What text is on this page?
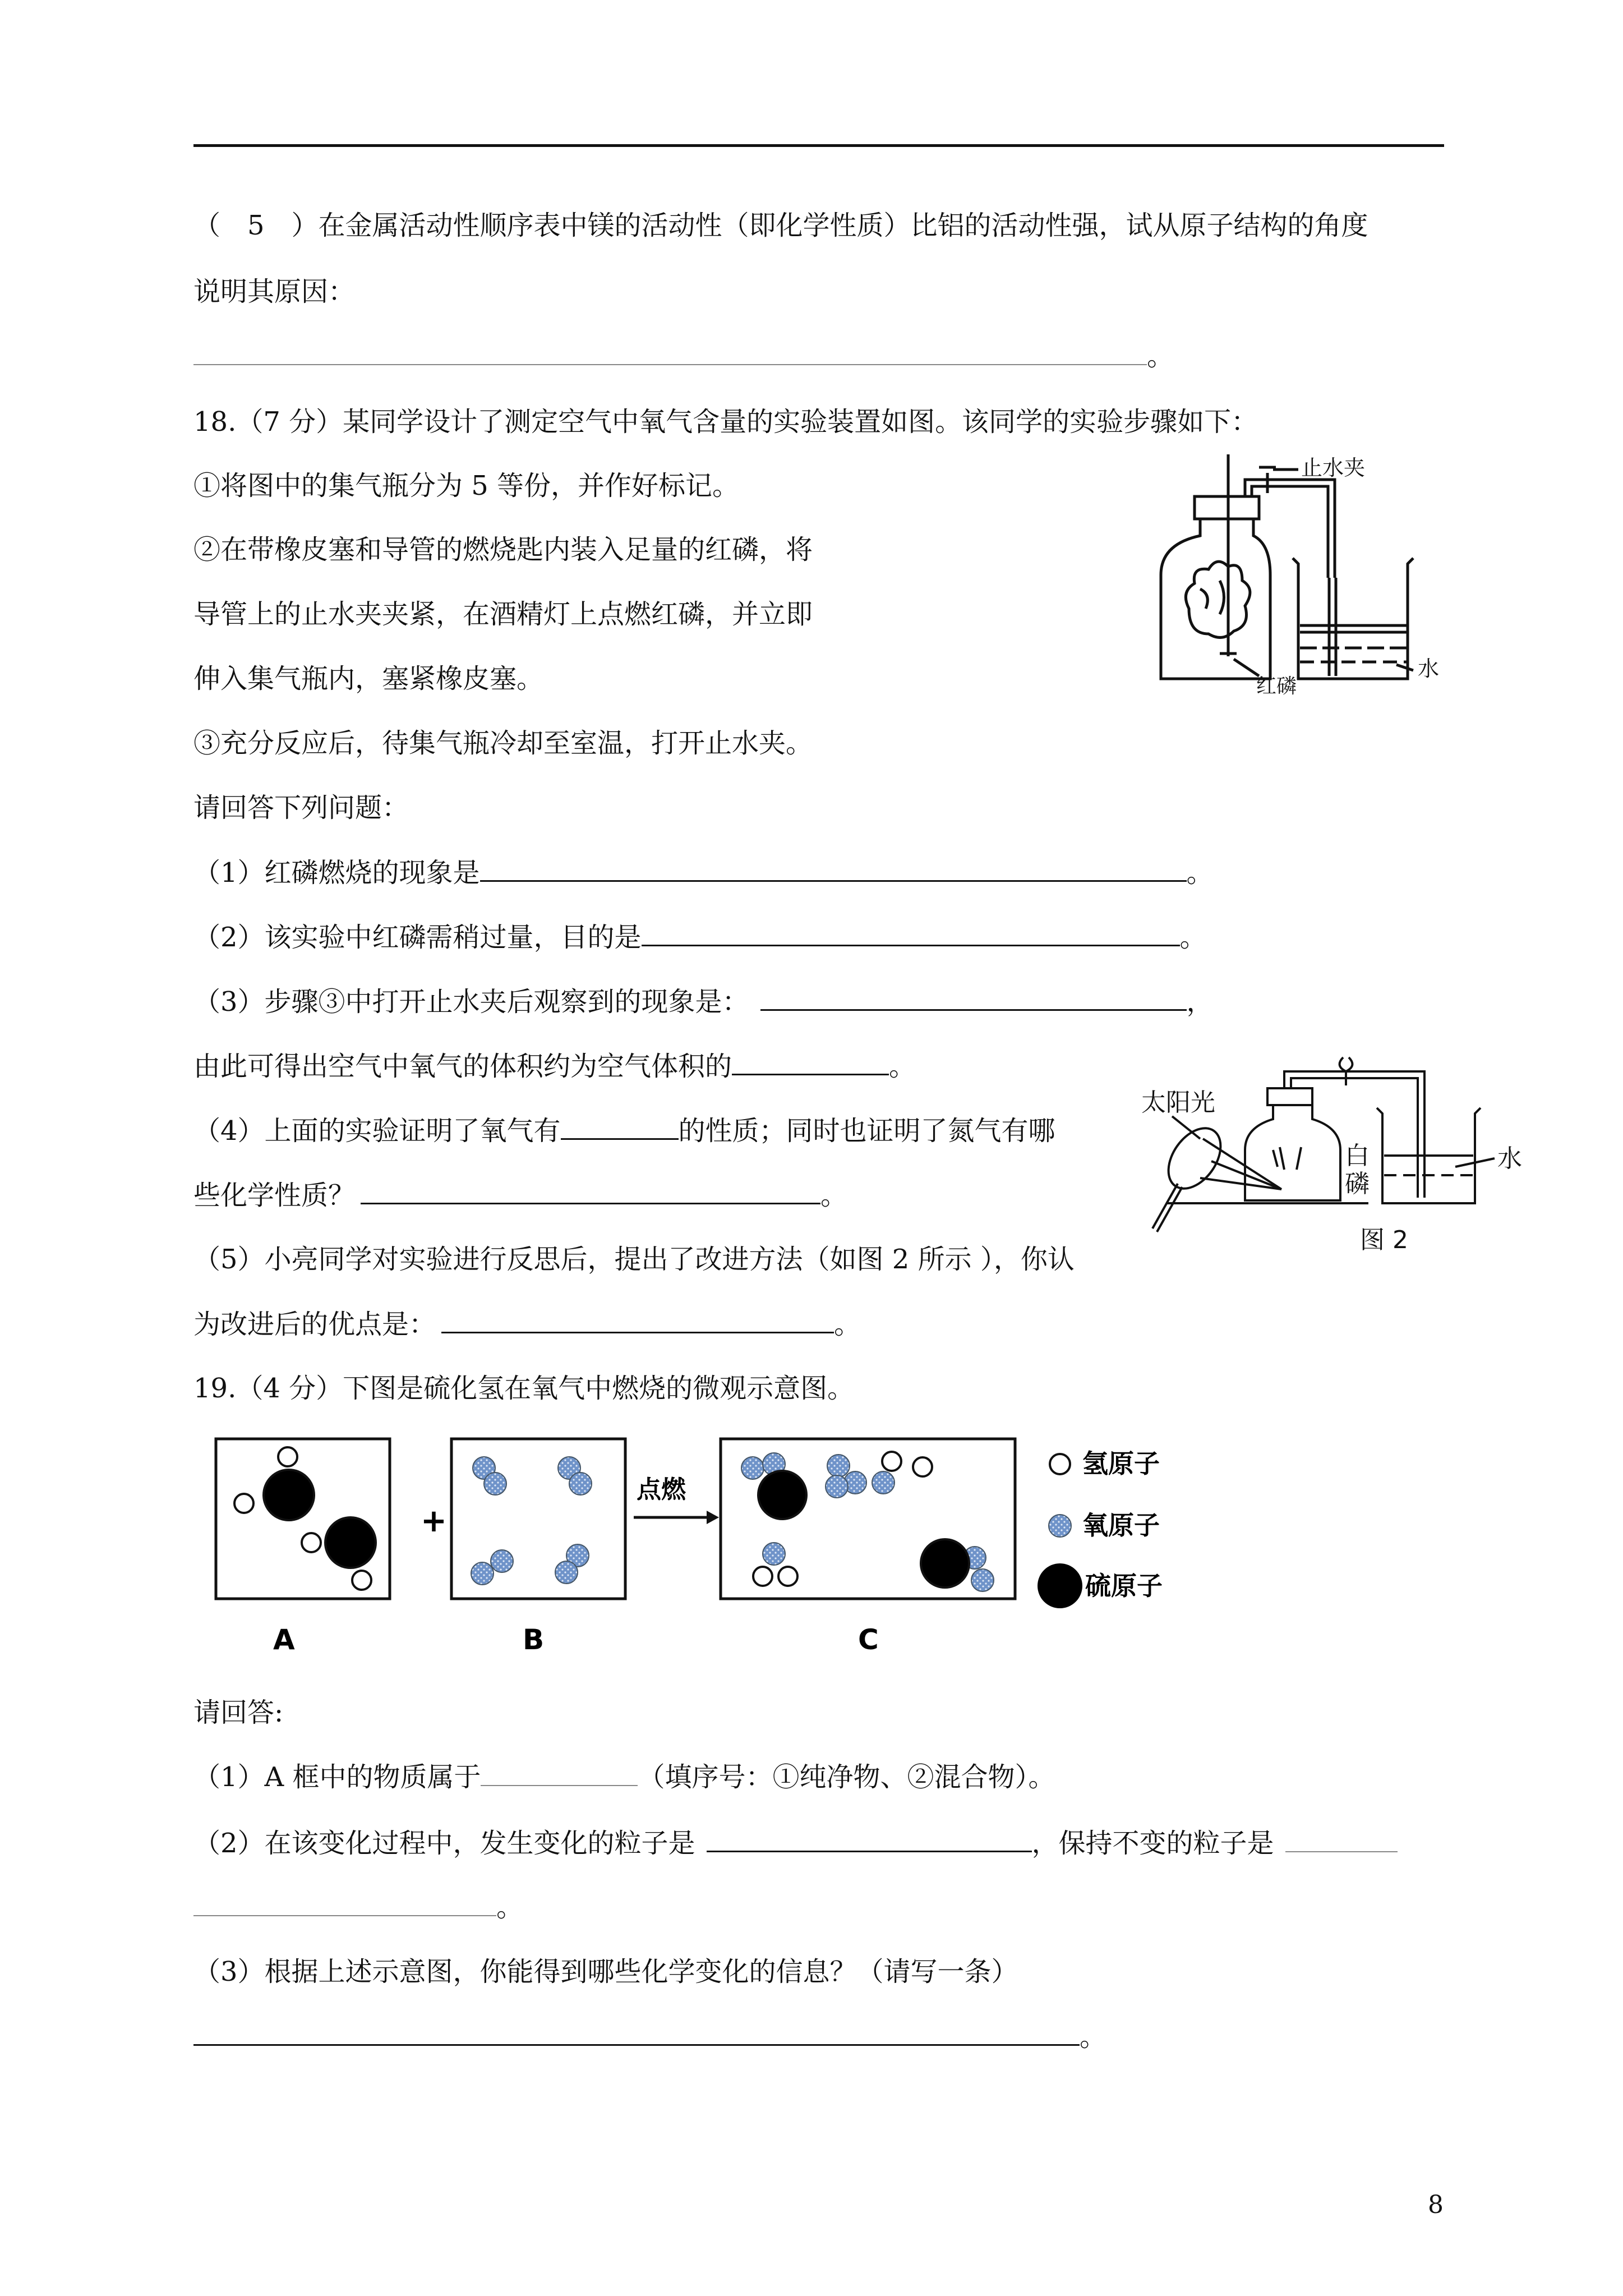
（　5　）在金属活动性顺序表中镁的活动性（即化学性质）比铝的活动性强，试从原子结构的角度
说明其原因：
。
18.（7 分）某同学设计了测定空气中氧气含量的实验装置如图。该同学的实验步骤如下：
①将图中的集气瓶分为 5 等份，并作好标记。
②在带橡皮塞和导管的燃烧匙内装入足量的红磷，将
导管上的止水夹夹紧，在酒精灯上点燃红磷，并立即
伸入集气瓶内，塞紧橡皮塞。
③充分反应后，待集气瓶冷却至室温，打开止水夹。
请回答下列问题：
（1）红磷燃烧的现象是	。
（2）该实验中红磷需稍过量，目的是	。
（3）步骤③中打开止水夹后观察到的现象是：	，
由此可得出空气中氧气的体积约为空气体积的	。
（4）上面的实验证明了氧气有	的性质；同时也证明了氮气有哪
些化学性质？	。
（5）小亮同学对实验进行反思后，提出了改进方法（如图 2 所示 ），你认
为改进后的优点是：	。
止水夹
红磷
水
太阳光
白
磷
水
图 2
19.（4 分）下图是硫化氢在氧气中燃烧的微观示意图。
+
点燃
氢原子
氧原子
硫原子
A	B	C
请回答:
（1）A 框中的物质属于	（填序号：①纯净物、②混合物）。
（2）在该变化过程中，发生变化的粒子是	，保持不变的粒子是
。
（3）根据上述示意图，你能得到哪些化学变化的信息？（请写一条）
。
8
